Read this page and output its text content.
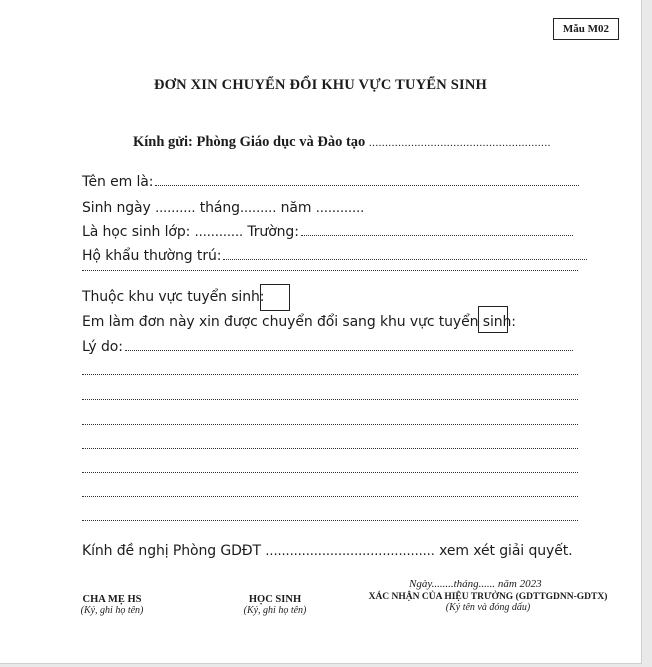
Mẫu M02
ĐƠN XIN CHUYỂN ĐỔI KHU VỰC TUYỂN SINH
Kính gửi: Phòng Giáo dục và Đào tạo ........................................................
Tên em là:
Sinh ngày .......... tháng......... năm ............
Là học sinh lớp: ............ Trường:
Hộ khẩu thường trú:
Thuộc khu vực tuyển sinh:
Em làm đơn này xin được chuyển đổi sang khu vực tuyển sinh:
Lý do:
Kính đề nghị Phòng GDĐT .......................................... xem xét giải quyết.
Ngày........tháng...... năm 2023
CHA MẸ HS
(Ký, ghi họ tên)
HỌC SINH
(Ký, ghi họ tên)
XÁC NHẬN CỦA HIỆU TRƯỞNG (GDTTGDNN-GDTX)
(Ký tên và đóng dấu)
